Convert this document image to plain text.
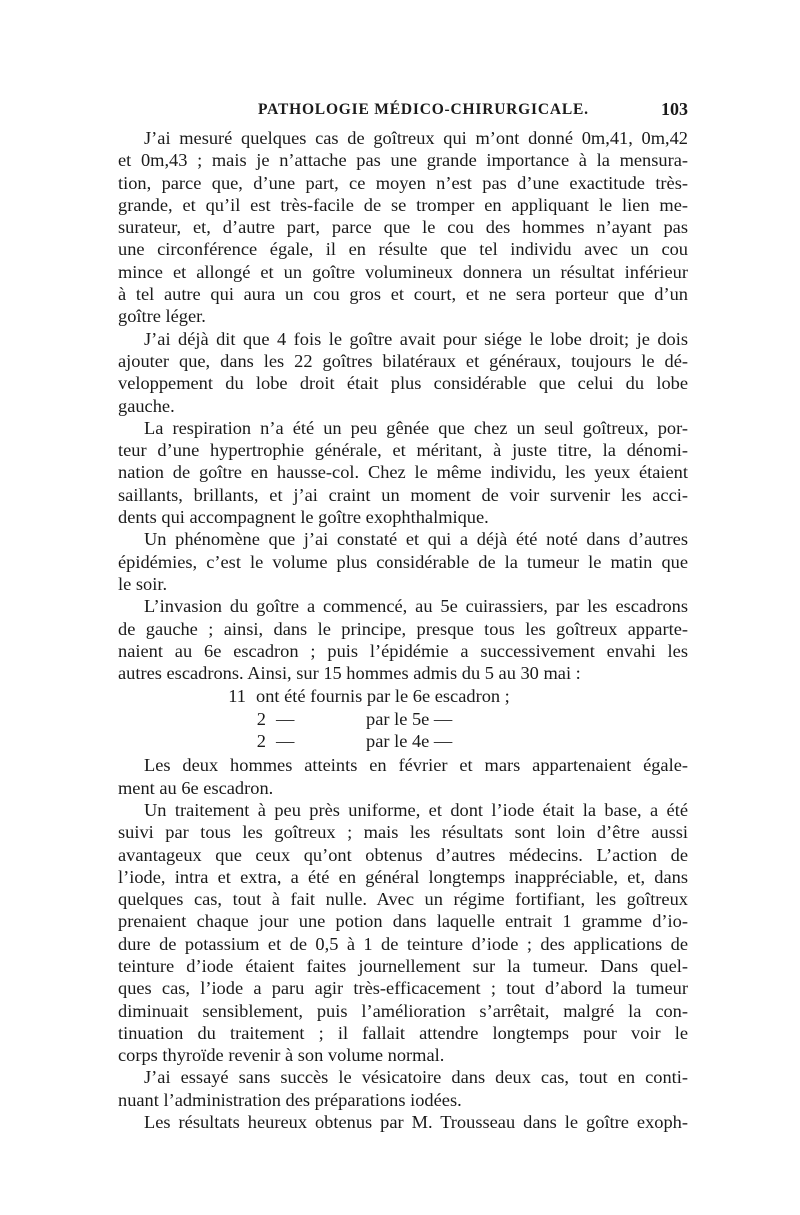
PATHOLOGIE MÉDICO-CHIRURGICALE.	103

J’ai mesuré quelques cas de goîtreux qui m’ont donné 0m,41, 0m,42
et 0m,43 ; mais je n’attache pas une grande importance à la mensura-
tion, parce que, d’une part, ce moyen n’est pas d’une exactitude très-
grande, et qu’il est très-facile de se tromper en appliquant le lien me-
surateur, et, d’autre part, parce que le cou des hommes n’ayant pas
une circonférence égale, il en résulte que tel individu avec un cou
mince et allongé et un goître volumineux donnera un résultat inférieur
à tel autre qui aura un cou gros et court, et ne sera porteur que d’un
goître léger.

J’ai déjà dit que 4 fois le goître avait pour siége le lobe droit; je dois
ajouter que, dans les 22 goîtres bilatéraux et généraux, toujours le dé-
veloppement du lobe droit était plus considérable que celui du lobe
gauche.

La respiration n’a été un peu gênée que chez un seul goîtreux, por-
teur d’une hypertrophie générale, et méritant, à juste titre, la dénomi-
nation de goître en hausse-col. Chez le même individu, les yeux étaient
saillants, brillants, et j’ai craint un moment de voir survenir les acci-
dents qui accompagnent le goître exophthalmique.

Un phénomène que j’ai constaté et qui a déjà été noté dans d’autres
épidémies, c’est le volume plus considérable de la tumeur le matin que
le soir.

L’invasion du goître a commencé, au 5e cuirassiers, par les escadrons
de gauche ; ainsi, dans le principe, presque tous les goîtreux apparte-
naient au 6e escadron ; puis l’épidémie a successivement envahi les
autres escadrons. Ainsi, sur 15 hommes admis du 5 au 30 mai :

11 ont été fournis par le 6e escadron ;
2 —	par le 5e —
2 —	par le 4e —

Les deux hommes atteints en février et mars appartenaient égale-
ment au 6e escadron.

Un traitement à peu près uniforme, et dont l’iode était la base, a été
suivi par tous les goîtreux ; mais les résultats sont loin d’être aussi
avantageux que ceux qu’ont obtenus d’autres médecins. L’action de
l’iode, intra et extra, a été en général longtemps inappréciable, et, dans
quelques cas, tout à fait nulle. Avec un régime fortifiant, les goîtreux
prenaient chaque jour une potion dans laquelle entrait 1 gramme d’io-
dure de potassium et de 0,5 à 1 de teinture d’iode ; des applications de
teinture d’iode étaient faites journellement sur la tumeur. Dans quel-
ques cas, l’iode a paru agir très-efficacement ; tout d’abord la tumeur
diminuait sensiblement, puis l’amélioration s’arrêtait, malgré la con-
tinuation du traitement ; il fallait attendre longtemps pour voir le
corps thyroïde revenir à son volume normal.

J’ai essayé sans succès le vésicatoire dans deux cas, tout en conti-
nuant l’administration des préparations iodées.

Les résultats heureux obtenus par M. Trousseau dans le goître exoph-
